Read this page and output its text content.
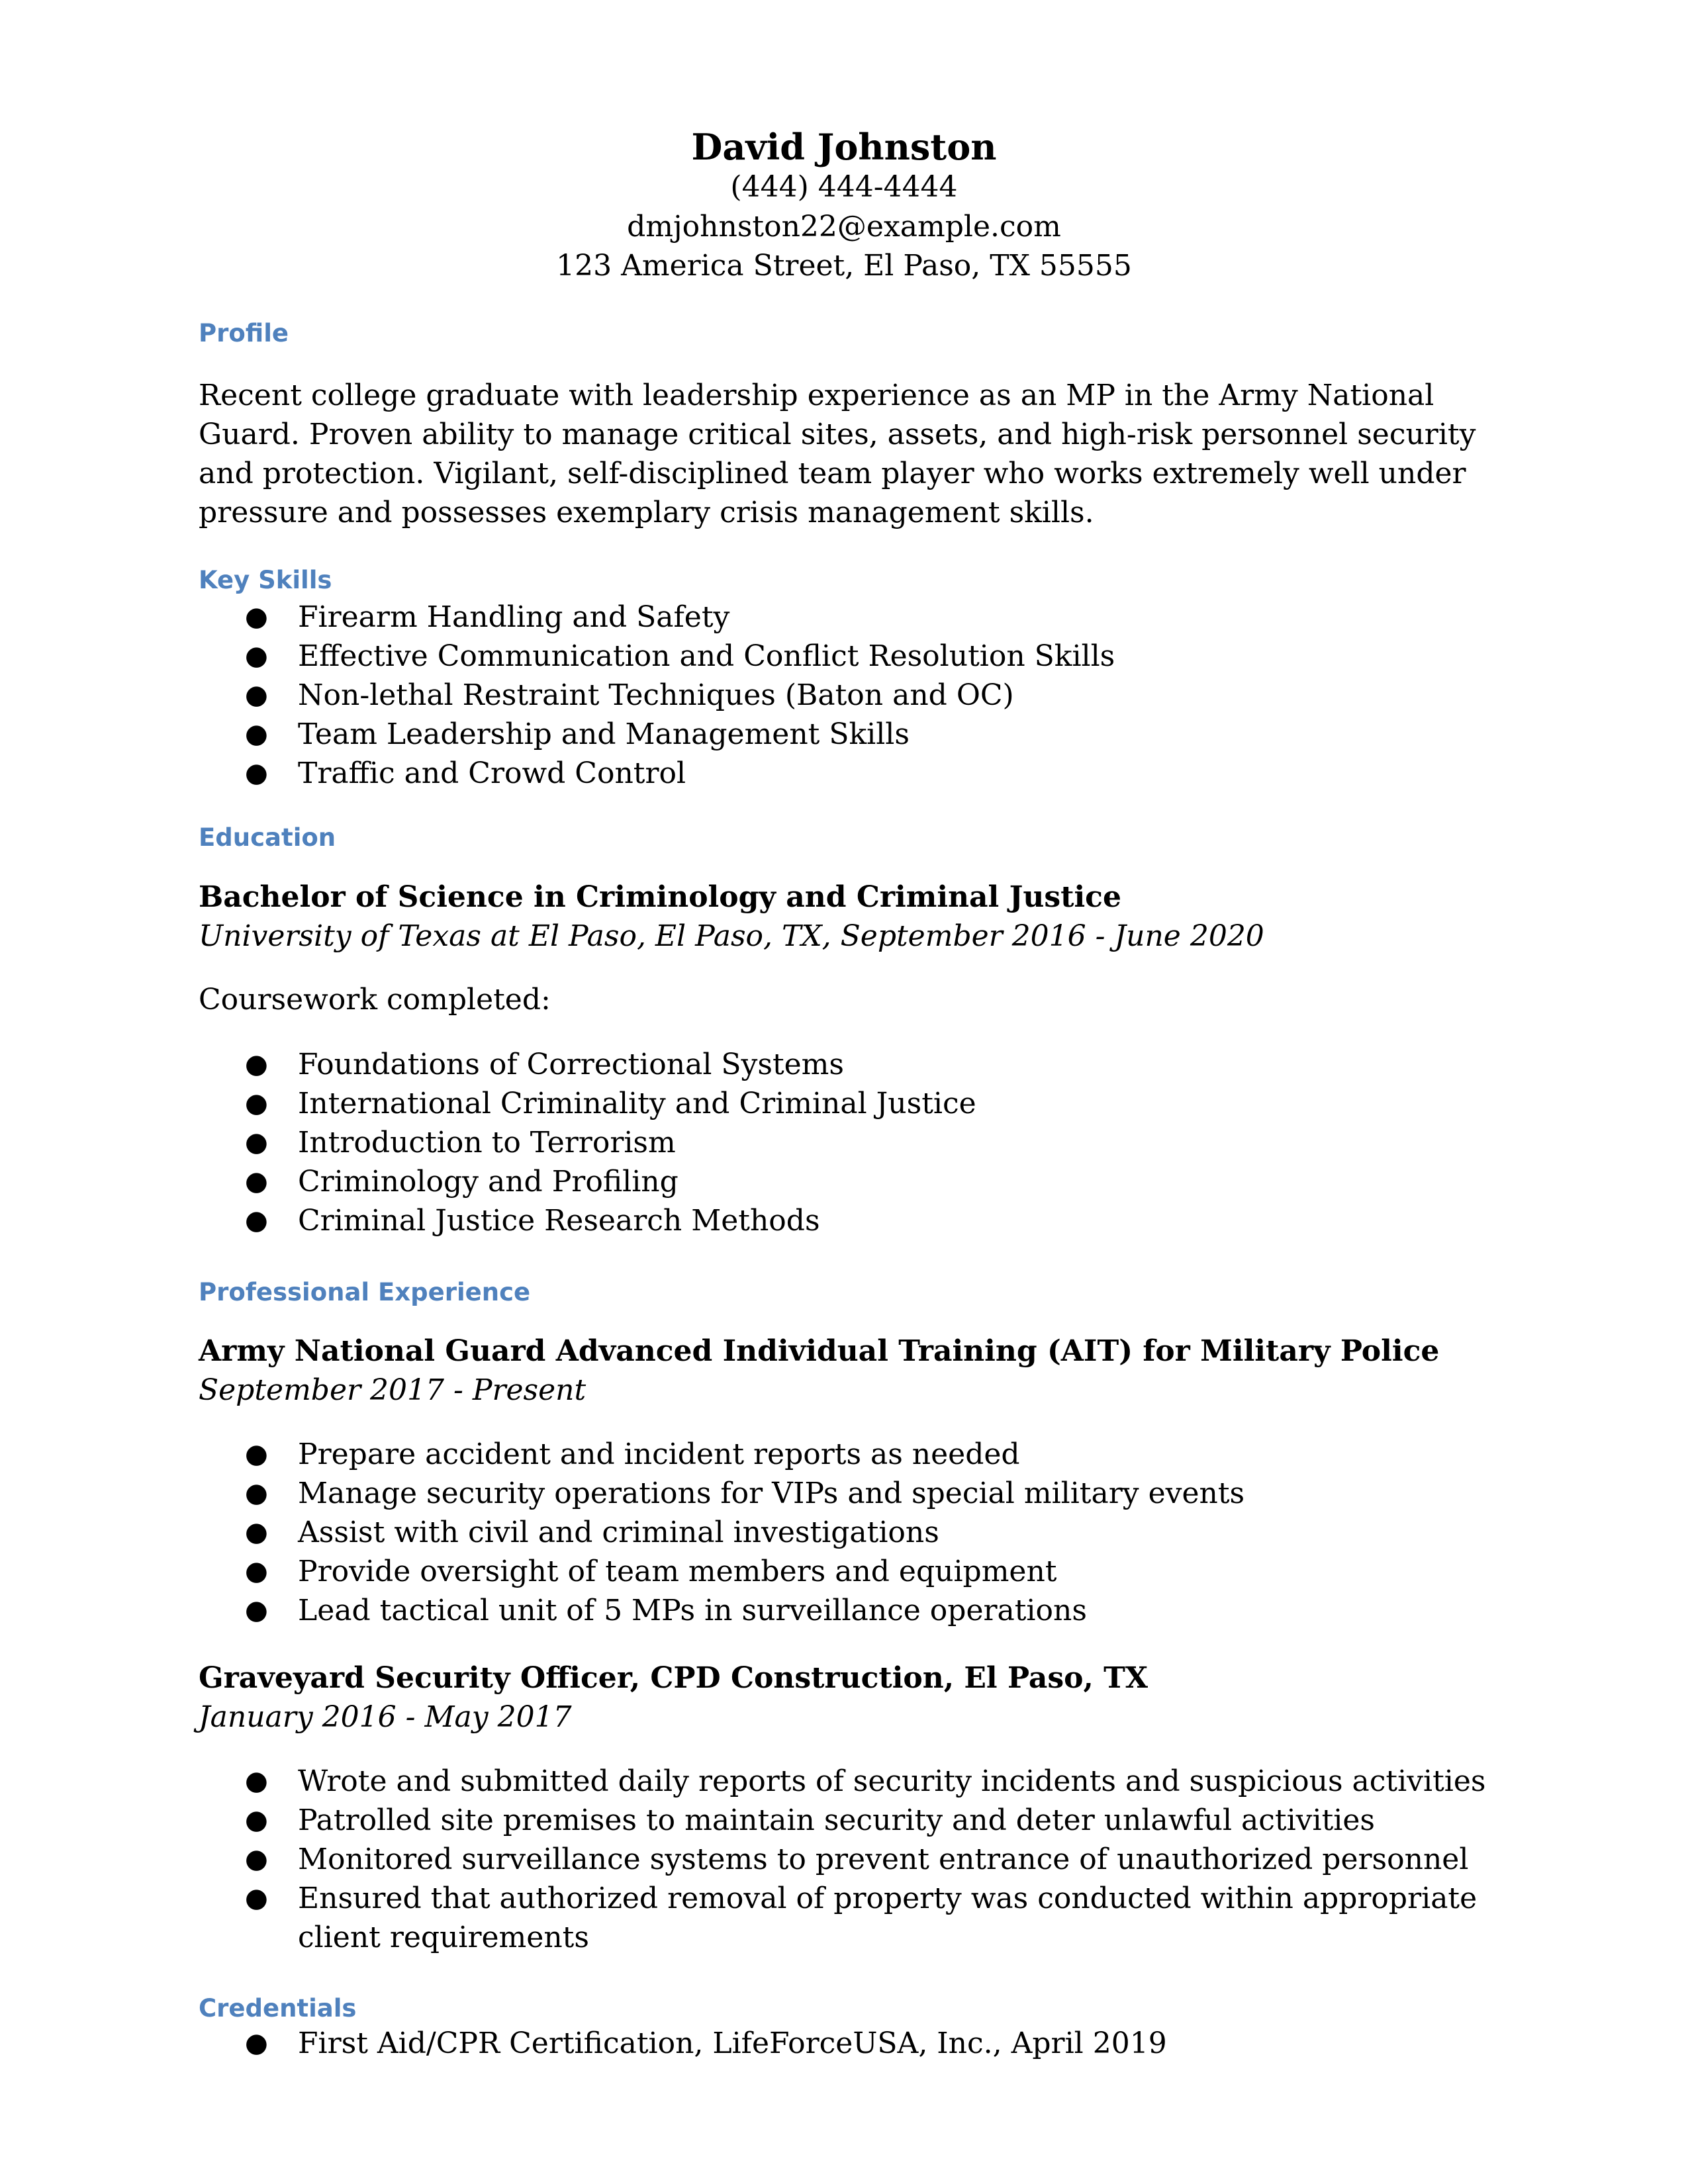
David Johnston
(444) 444-4444
dmjohnston22@example.com
123 America Street, El Paso, TX 55555
Profile

Recent college graduate with leadership experience as an MP in the Army National Guard. Proven ability to manage critical sites, assets, and high-risk personnel security and protection. Vigilant, self-disciplined team player who works extremely well under pressure and possesses exemplary crisis management skills.

Key Skills
● Firearm Handling and Safety
● Effective Communication and Conflict Resolution Skills
● Non-lethal Restraint Techniques (Baton and OC)
● Team Leadership and Management Skills
● Traffic and Crowd Control
Education
Bachelor of Science in Criminology and Criminal Justice
University of Texas at El Paso, El Paso, TX, September 2016 - June 2020
Coursework completed:
● Foundations of Correctional Systems
● International Criminality and Criminal Justice
● Introduction to Terrorism
● Criminology and Profiling
● Criminal Justice Research Methods
Professional Experience
Army National Guard Advanced Individual Training (AIT) for Military Police
September 2017 - Present
● Prepare accident and incident reports as needed
● Manage security operations for VIPs and special military events
● Assist with civil and criminal investigations
● Provide oversight of team members and equipment
● Lead tactical unit of 5 MPs in surveillance operations
Graveyard Security Officer, CPD Construction, El Paso, TX
January 2016 - May 2017
● Wrote and submitted daily reports of security incidents and suspicious activities
● Patrolled site premises to maintain security and deter unlawful activities
● Monitored surveillance systems to prevent entrance of unauthorized personnel
● Ensured that authorized removal of property was conducted within appropriate client requirements
Credentials
● First Aid/CPR Certification, LifeForceUSA, Inc., April 2019
